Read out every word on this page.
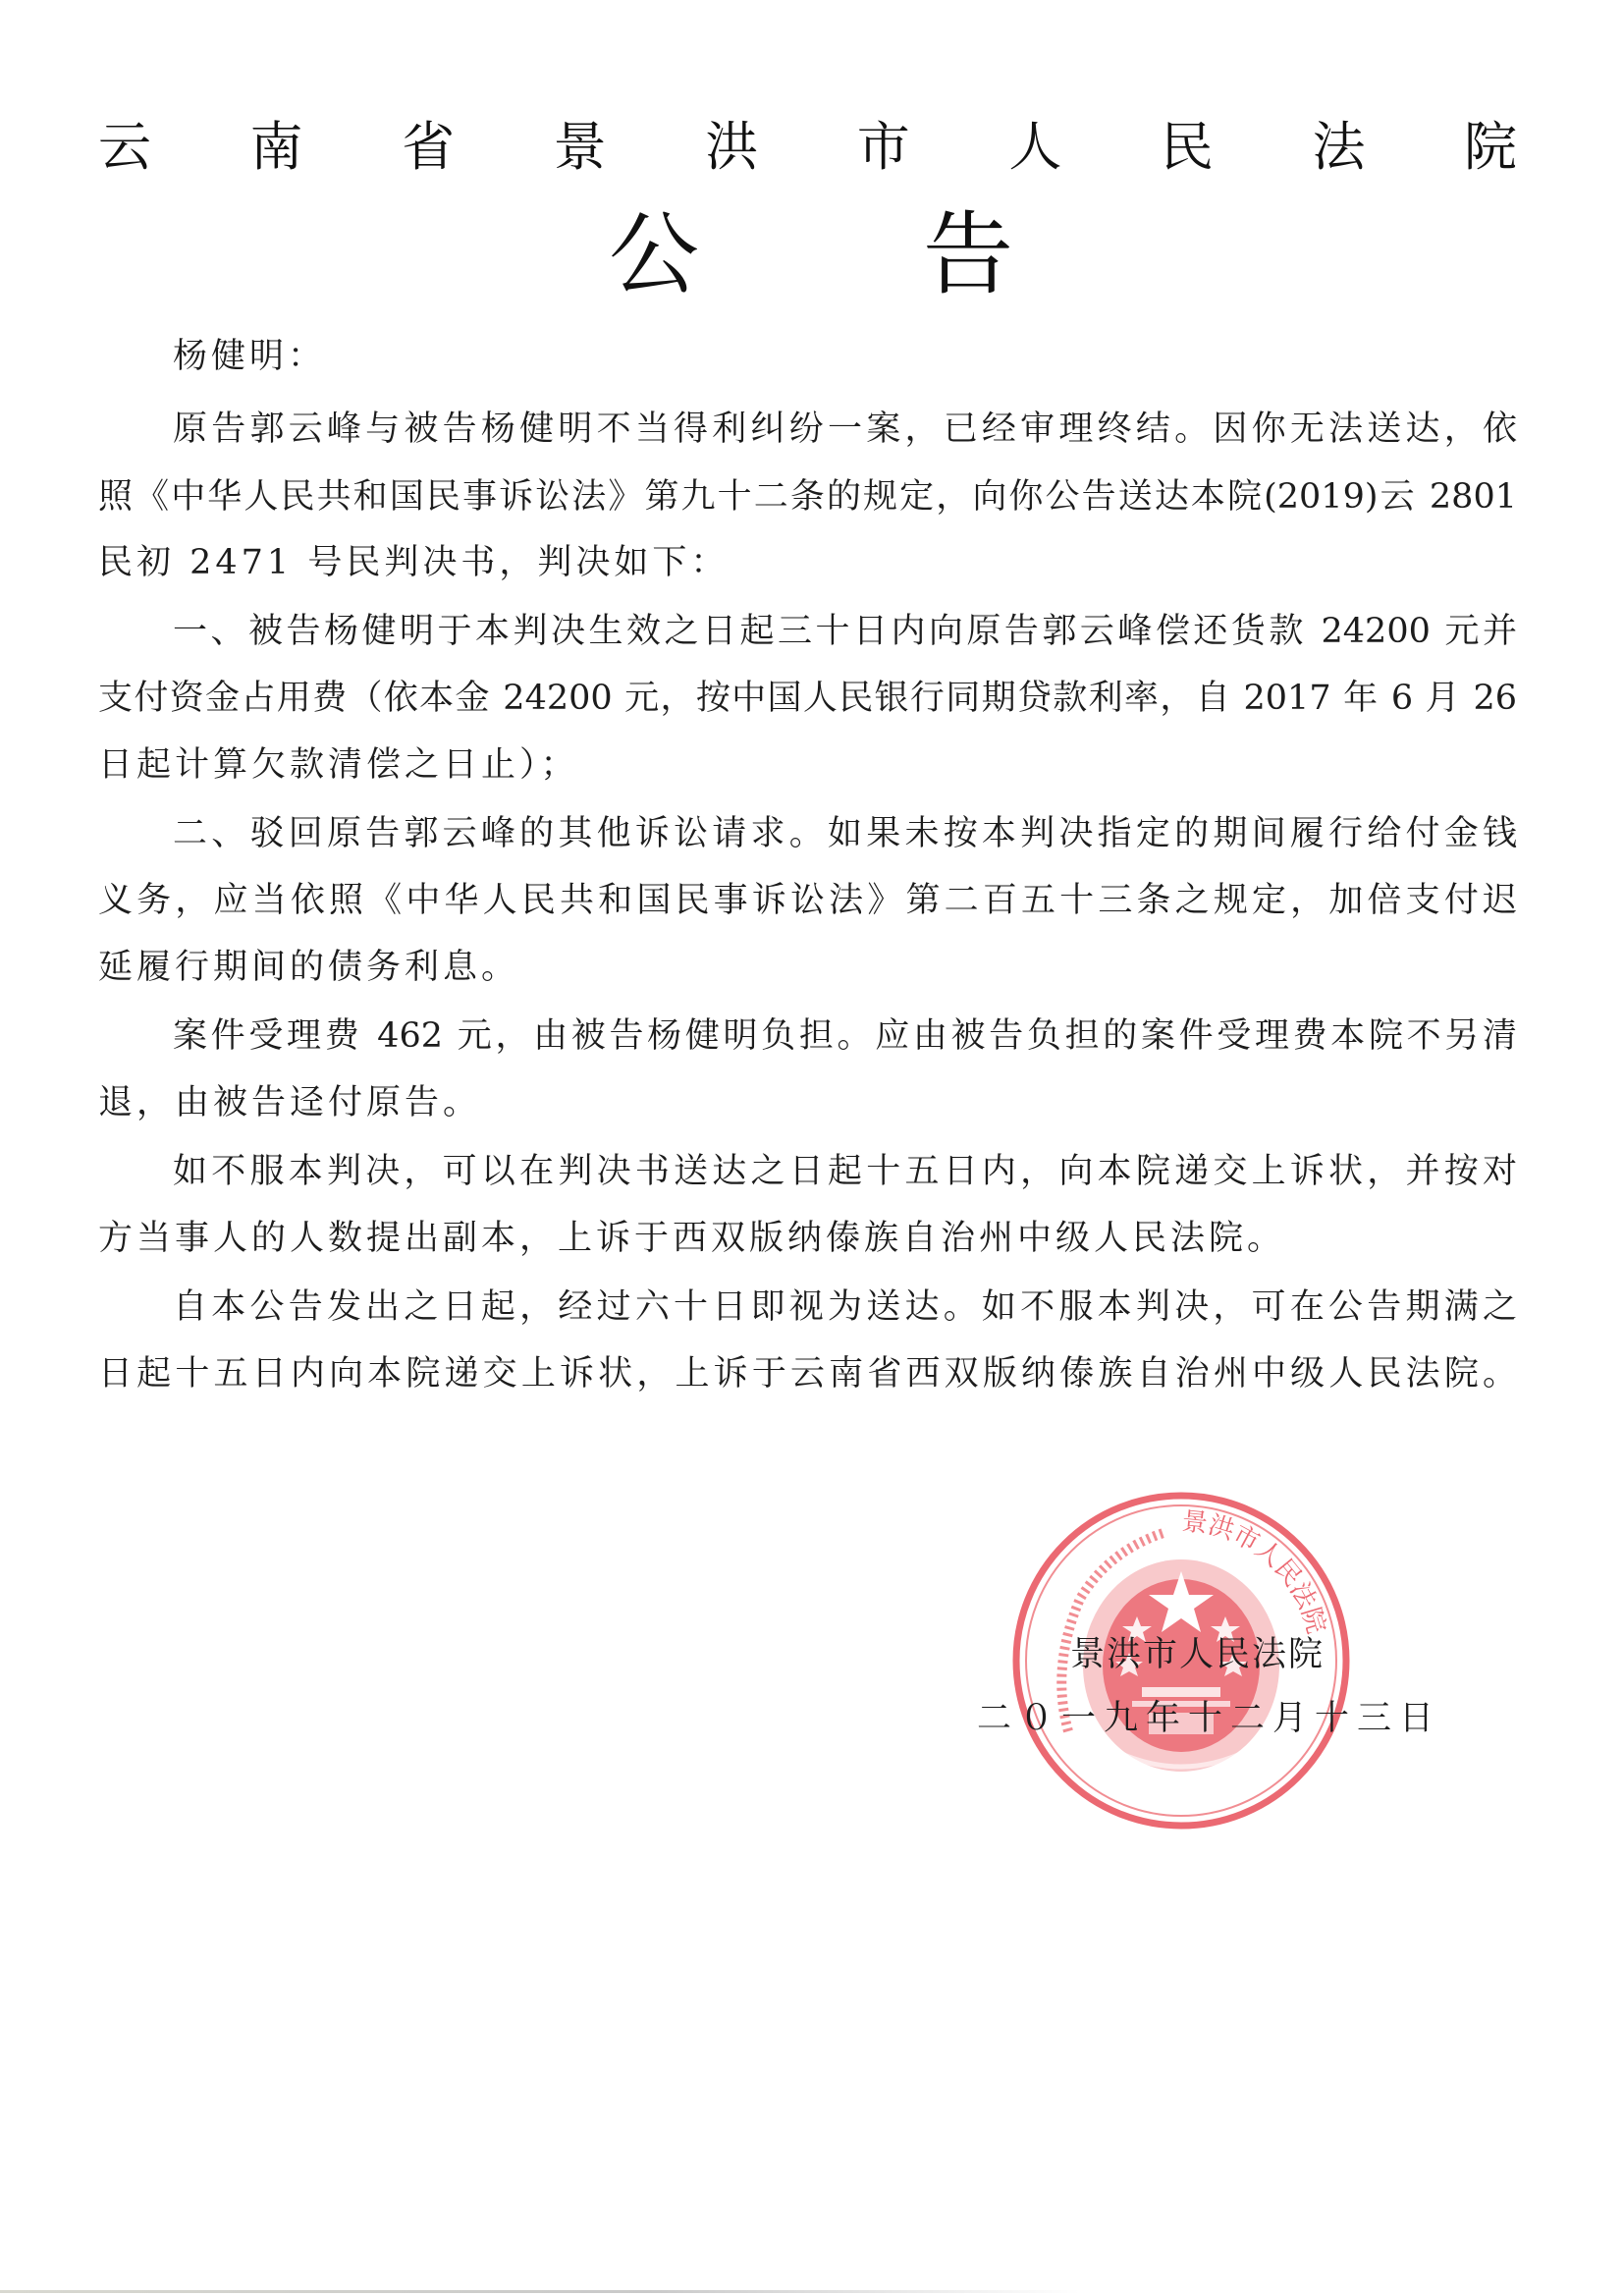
云南省景洪市人民法院
公告
杨健明：
原告郭云峰与被告杨健明不当得利纠纷一案，已经审理终结。因你无法送达，依
照《中华人民共和国民事诉讼法》第九十二条的规定，向你公告送达本院(2019)云 2801
民初 2471 号民判决书，判决如下：
一、被告杨健明于本判决生效之日起三十日内向原告郭云峰偿还货款 24200 元并
支付资金占用费（依本金 24200 元，按中国人民银行同期贷款利率，自 2017 年 6 月 26
日起计算欠款清偿之日止）；
二、驳回原告郭云峰的其他诉讼请求。如果未按本判决指定的期间履行给付金钱
义务，应当依照《中华人民共和国民事诉讼法》第二百五十三条之规定，加倍支付迟
延履行期间的债务利息。
案件受理费 462 元，由被告杨健明负担。应由被告负担的案件受理费本院不另清
退，由被告迳付原告。
如不服本判决，可以在判决书送达之日起十五日内，向本院递交上诉状，并按对
方当事人的人数提出副本，上诉于西双版纳傣族自治州中级人民法院。
自本公告发出之日起，经过六十日即视为送达。如不服本判决，可在公告期满之
日起十五日内向本院递交上诉状，上诉于云南省西双版纳傣族自治州中级人民法院。
景洪市人民法院
景洪市人民法院
二０一九年十二月十三日
